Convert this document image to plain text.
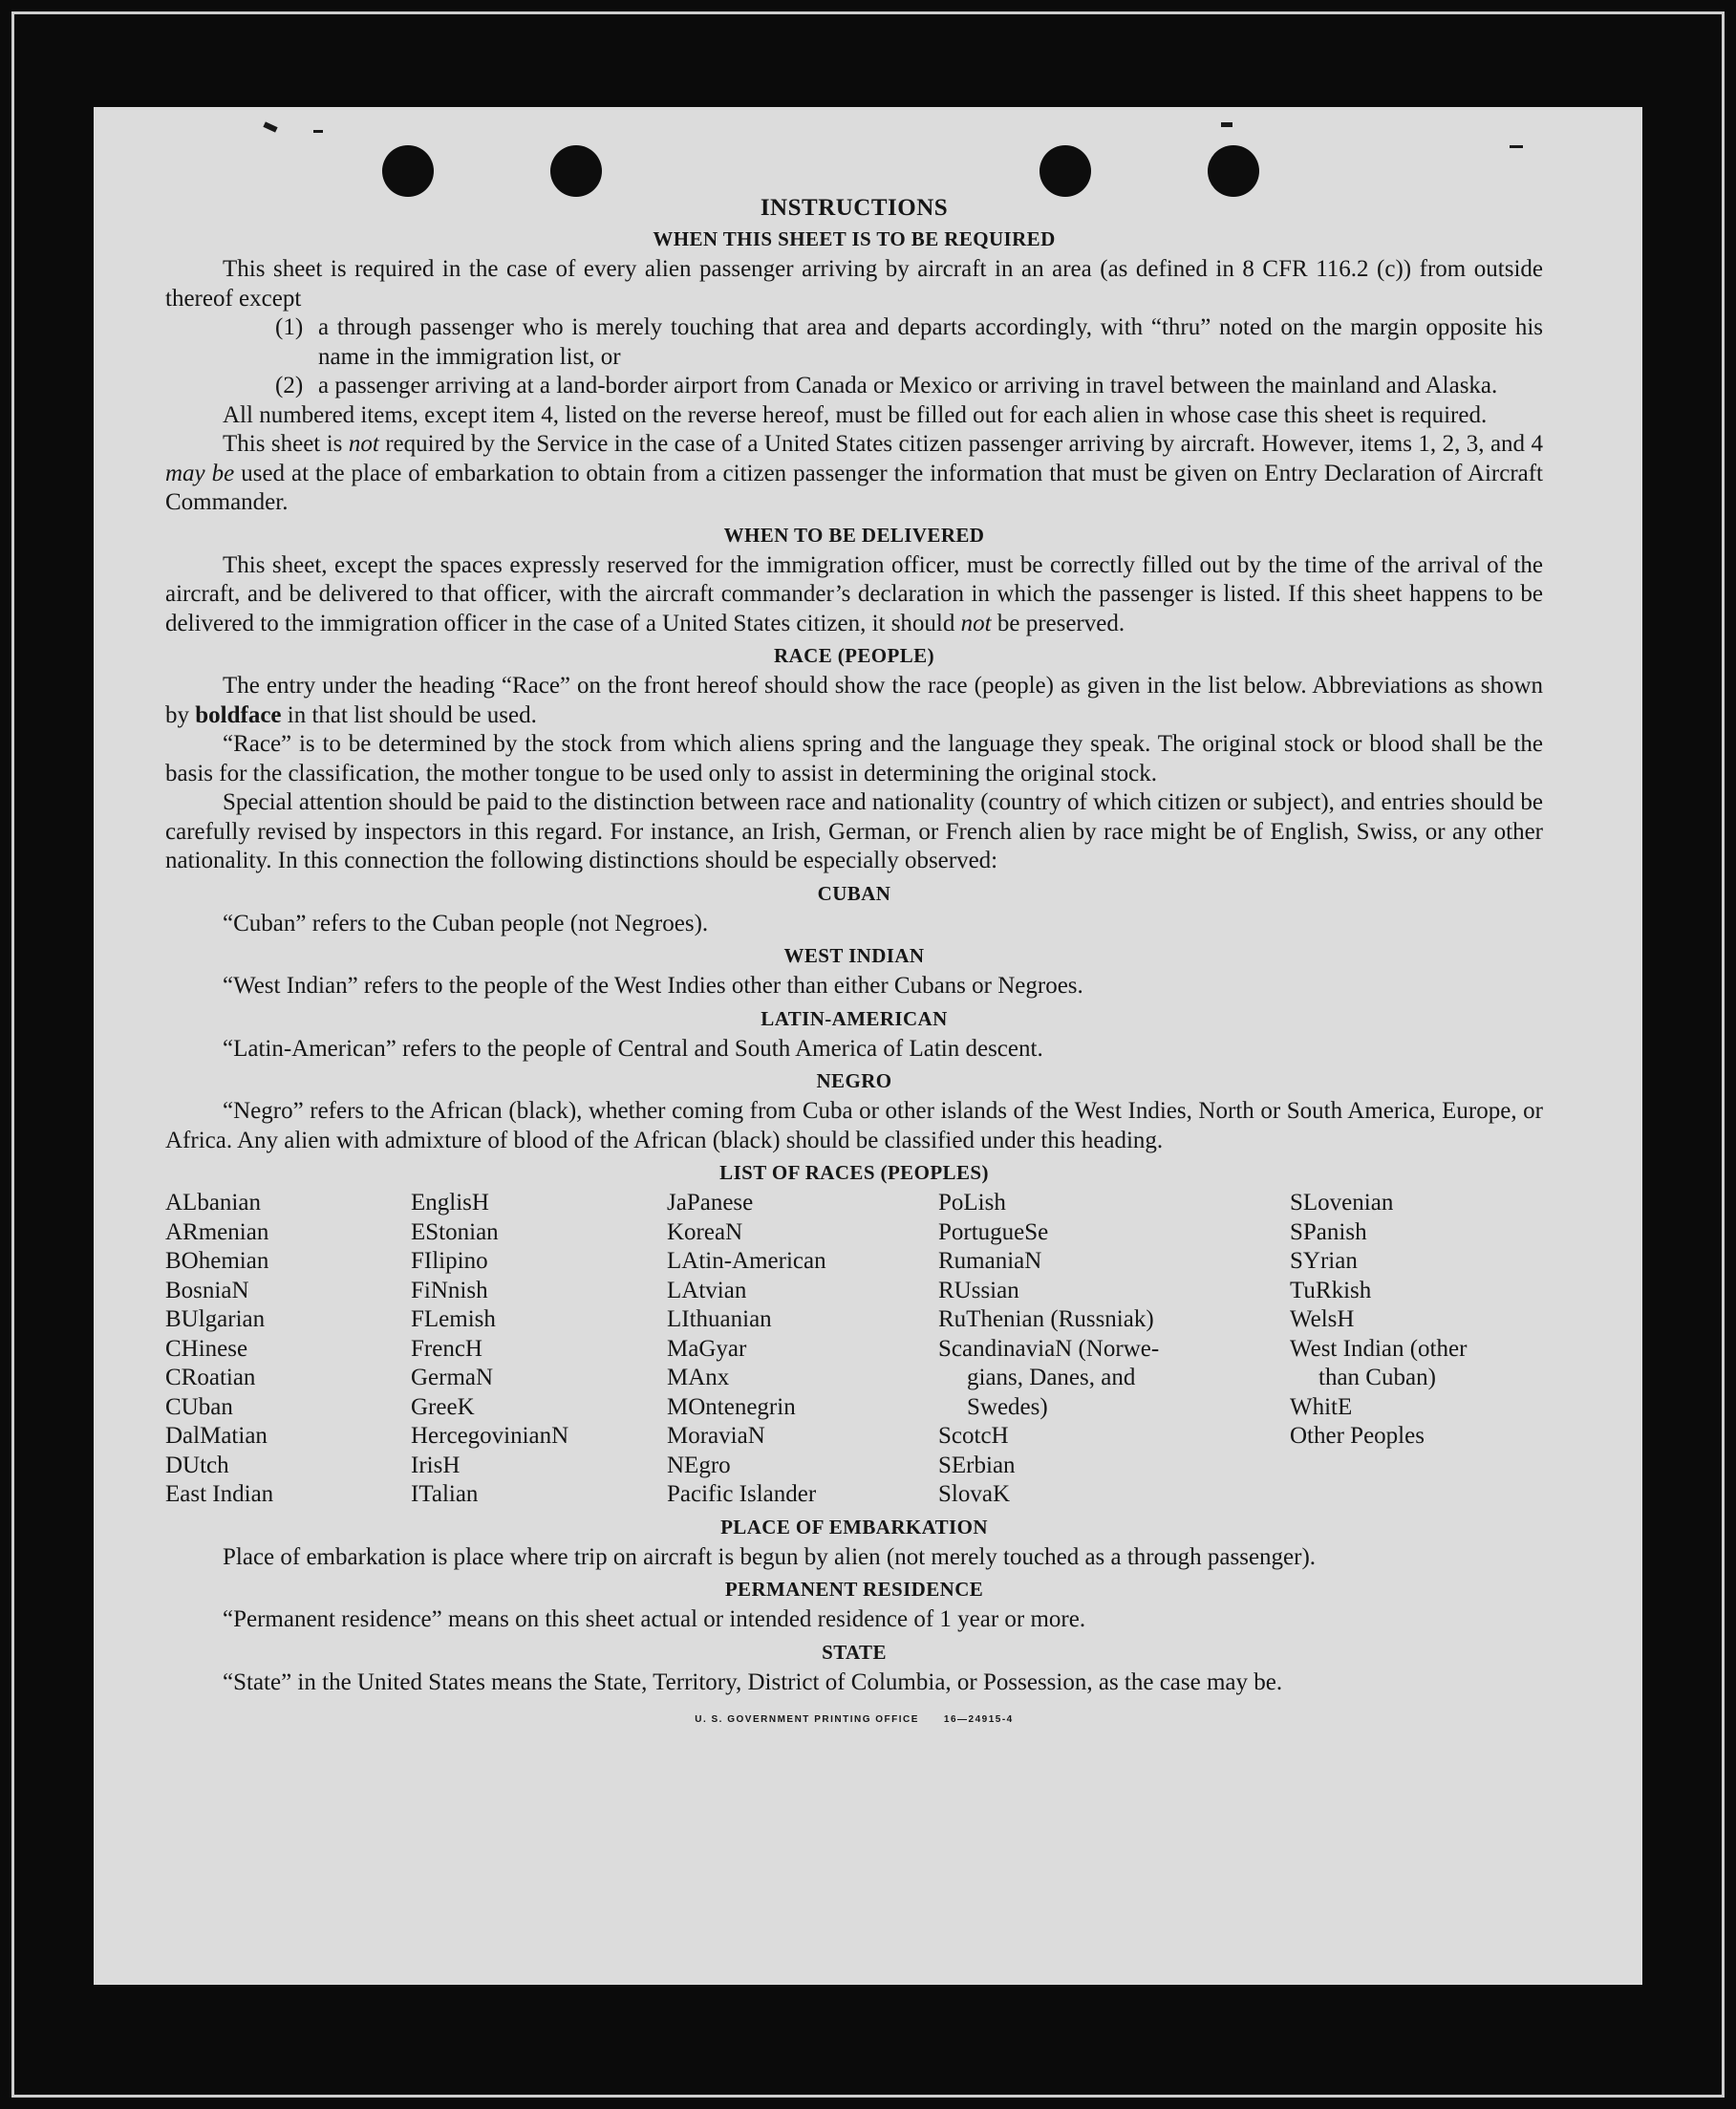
INSTRUCTIONS
WHEN THIS SHEET IS TO BE REQUIRED

This sheet is required in the case of every alien passenger arriving by aircraft in an area (as defined in 8 CFR 116.2 (c)) from outside thereof except

(1) a through passenger who is merely touching that area and departs accordingly, with “thru” noted on the margin opposite his name in the immigration list, or
(2) a passenger arriving at a land-border airport from Canada or Mexico or arriving in travel between the mainland and Alaska.

All numbered items, except item 4, listed on the reverse hereof, must be filled out for each alien in whose case this sheet is required.

This sheet is not required by the Service in the case of a United States citizen passenger arriving by aircraft. However, items 1, 2, 3, and 4 may be used at the place of embarkation to obtain from a citizen passenger the information that must be given on Entry Declaration of Aircraft Commander.

WHEN TO BE DELIVERED

This sheet, except the spaces expressly reserved for the immigration officer, must be correctly filled out by the time of the arrival of the aircraft, and be delivered to that officer, with the aircraft commander’s declaration in which the passenger is listed. If this sheet happens to be delivered to the immigration officer in the case of a United States citizen, it should not be preserved.

RACE (PEOPLE)

The entry under the heading “Race” on the front hereof should show the race (people) as given in the list below. Abbreviations as shown by boldface in that list should be used.

“Race” is to be determined by the stock from which aliens spring and the language they speak. The original stock or blood shall be the basis for the classification, the mother tongue to be used only to assist in determining the original stock.

Special attention should be paid to the distinction between race and nationality (country of which citizen or subject), and entries should be carefully revised by inspectors in this regard. For instance, an Irish, German, or French alien by race might be of English, Swiss, or any other nationality. In this connection the following distinctions should be especially observed:

CUBAN

“Cuban” refers to the Cuban people (not Negroes).

WEST INDIAN

“West Indian” refers to the people of the West Indies other than either Cubans or Negroes.

LATIN-AMERICAN

“Latin-American” refers to the people of Central and South America of Latin descent.

NEGRO

“Negro” refers to the African (black), whether coming from Cuba or other islands of the West Indies, North or South America, Europe, or Africa. Any alien with admixture of blood of the African (black) should be classified under this heading.

LIST OF RACES (PEOPLES)
ALbanian
ARmenian
BOhemian
BosniaN
BUlgarian
CHinese
CRoatian
CUban
DalMatian
DUtch
East Indian
EnglisH
EStonian
FIlipino
FiNnish
FLemish
FrencH
GermaN
GreeK
HercegovinianN
IrisH
ITalian
JaPanese
KoreaN
LAtin-American
LAtvian
LIthuanian
MaGyar
MAnx
MOntenegrin
MoraviaN
NEgro
Pacific Islander
PoLish
PortugueSe
RumaniaN
RUssian
RuThenian (Russniak)
ScandinaviaN (Norwe-
gians, Danes, and
Swedes)
ScotcH
SErbian
SlovaK
SLovenian
SPanish
SYrian
TuRkish
WelsH
West Indian (other
than Cuban)
WhitE
Other Peoples
PLACE OF EMBARKATION

Place of embarkation is place where trip on aircraft is begun by alien (not merely touched as a through passenger).

PERMANENT RESIDENCE

“Permanent residence” means on this sheet actual or intended residence of 1 year or more.

STATE

“State” in the United States means the State, Territory, District of Columbia, or Possession, as the case may be.

U. S. GOVERNMENT PRINTING OFFICE	16—24915-4
